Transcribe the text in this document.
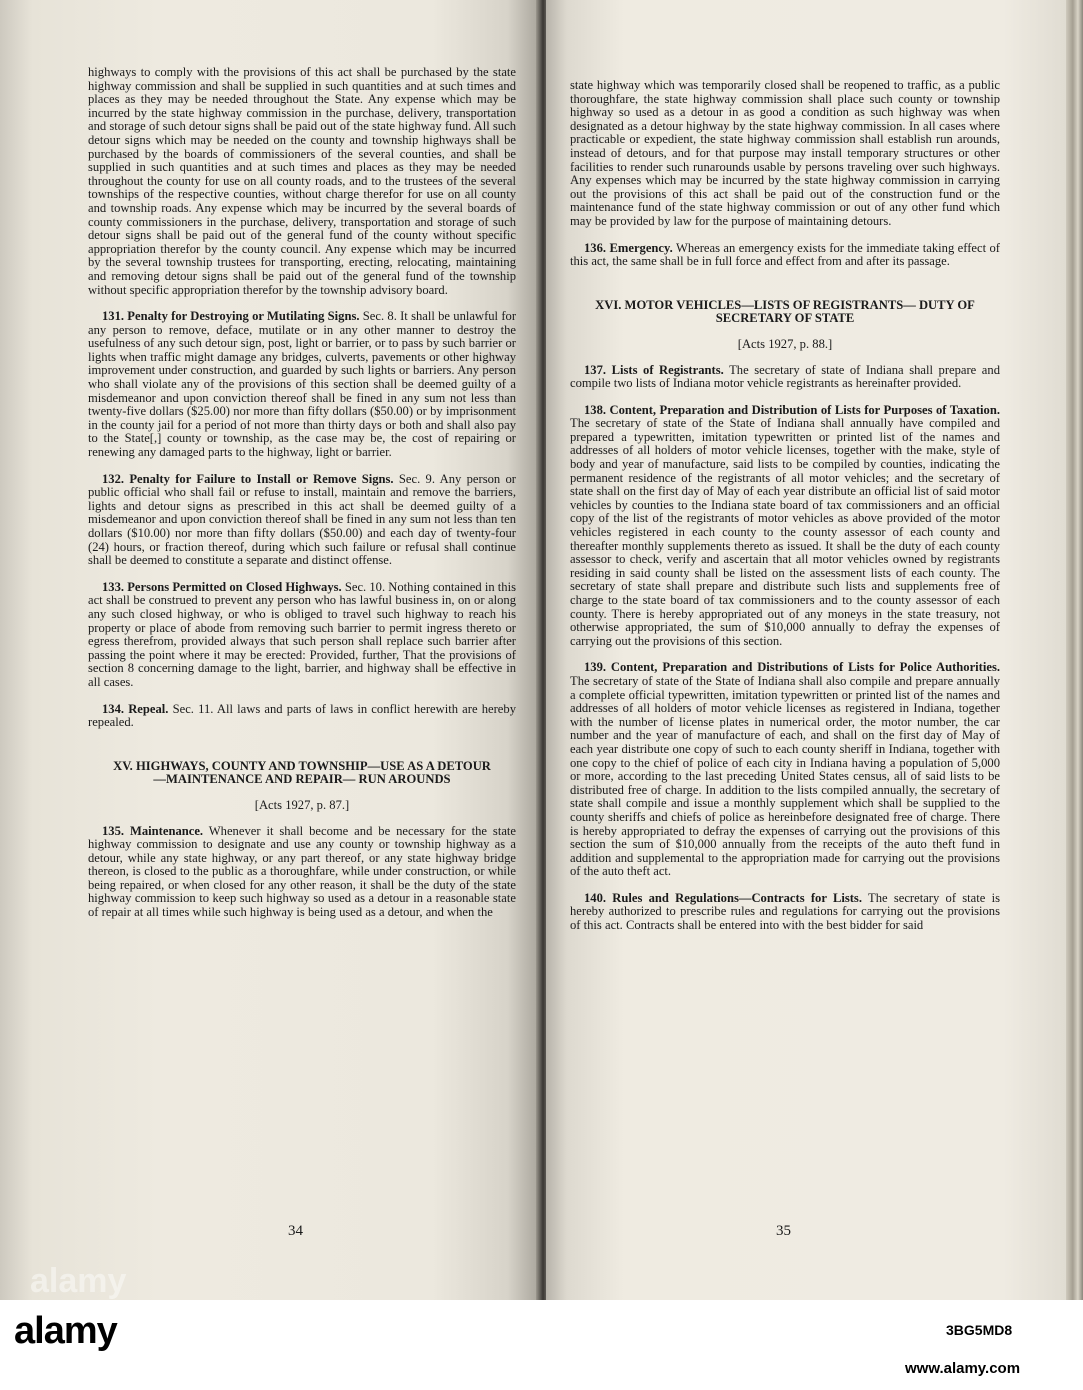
highways to comply with the provisions of this act shall be purchased by the state highway commission and shall be supplied in such quantities and at such times and places as they may be needed throughout the State. Any expense which may be incurred by the state highway commission in the purchase, delivery, transportation and storage of such detour signs shall be paid out of the state highway fund. All such detour signs which may be needed on the county and township highways shall be purchased by the boards of commissioners of the several counties, and shall be supplied in such quantities and at such times and places as they may be needed throughout the county for use on all county roads, and to the trustees of the several townships of the respective counties, without charge therefor for use on all county and township roads. Any expense which may be incurred by the several boards of county commissioners in the purchase, delivery, transportation and storage of such detour signs shall be paid out of the general fund of the county without specific appropriation therefor by the county council. Any expense which may be incurred by the several township trustees for transporting, erecting, relocating, maintaining and removing detour signs shall be paid out of the general fund of the township without specific appropriation therefor by the township advisory board.

131. Penalty for Destroying or Mutilating Signs. Sec. 8. It shall be unlawful for any person to remove, deface, mutilate or in any other manner to destroy the usefulness of any such detour sign, post, light or barrier, or to pass by such barrier or lights when traffic might damage any bridges, culverts, pavements or other highway improvement under construction, and guarded by such lights or barriers. Any person who shall violate any of the provisions of this section shall be deemed guilty of a misdemeanor and upon conviction thereof shall be fined in any sum not less than twenty-five dollars ($25.00) nor more than fifty dollars ($50.00) or by imprisonment in the county jail for a period of not more than thirty days or both and shall also pay to the State[,] county or township, as the case may be, the cost of repairing or renewing any damaged parts to the highway, light or barrier.

132. Penalty for Failure to Install or Remove Signs. Sec. 9. Any person or public official who shall fail or refuse to install, maintain and remove the barriers, lights and detour signs as prescribed in this act shall be deemed guilty of a misdemeanor and upon conviction thereof shall be fined in any sum not less than ten dollars ($10.00) nor more than fifty dollars ($50.00) and each day of twenty-four (24) hours, or fraction thereof, during which such failure or refusal shall continue shall be deemed to constitute a separate and distinct offense.

133. Persons Permitted on Closed Highways. Sec. 10. Nothing contained in this act shall be construed to prevent any person who has lawful business in, on or along any such closed highway, or who is obliged to travel such highway to reach his property or place of abode from removing such barrier to permit ingress thereto or egress therefrom, provided always that such person shall replace such barrier after passing the point where it may be erected: Provided, further, That the provisions of section 8 concerning damage to the light, barrier, and highway shall be effective in all cases.

134. Repeal. Sec. 11. All laws and parts of laws in conflict herewith are hereby repealed.

XV. HIGHWAYS, COUNTY AND TOWNSHIP—USE AS A DETOUR—MAINTENANCE AND REPAIR— RUN AROUNDS
[Acts 1927, p. 87.]

135. Maintenance. Whenever it shall become and be necessary for the state highway commission to designate and use any county or township highway as a detour, while any state highway, or any part thereof, or any state highway bridge thereon, is closed to the public as a thoroughfare, while under construction, or while being repaired, or when closed for any other reason, it shall be the duty of the state highway commission to keep such highway so used as a detour in a reasonable state of repair at all times while such highway is being used as a detour, and when the

34

state highway which was temporarily closed shall be reopened to traffic, as a public thoroughfare, the state highway commission shall place such county or township highway so used as a detour in as good a condition as such highway was when designated as a detour highway by the state highway commission. In all cases where practicable or expedient, the state highway commission shall establish run arounds, instead of detours, and for that purpose may install temporary structures or other facilities to render such runarounds usable by persons traveling over such highways. Any expenses which may be incurred by the state highway commission in carrying out the provisions of this act shall be paid out of the construction fund or the maintenance fund of the state highway commission or out of any other fund which may be provided by law for the purpose of maintaining detours.

136. Emergency. Whereas an emergency exists for the immediate taking effect of this act, the same shall be in full force and effect from and after its passage.

XVI. MOTOR VEHICLES—LISTS OF REGISTRANTS— DUTY OF SECRETARY OF STATE
[Acts 1927, p. 88.]

137. Lists of Registrants. The secretary of state of Indiana shall prepare and compile two lists of Indiana motor vehicle registrants as hereinafter provided.

138. Content, Preparation and Distribution of Lists for Purposes of Taxation. The secretary of state of the State of Indiana shall annually have compiled and prepared a typewritten, imitation typewritten or printed list of the names and addresses of all holders of motor vehicle licenses, together with the make, style of body and year of manufacture, said lists to be compiled by counties, indicating the permanent residence of the registrants of all motor vehicles; and the secretary of state shall on the first day of May of each year distribute an official list of said motor vehicles by counties to the Indiana state board of tax commissioners and an official copy of the list of the registrants of motor vehicles as above provided of the motor vehicles registered in each county to the county assessor of each county and thereafter monthly supplements thereto as issued. It shall be the duty of each county assessor to check, verify and ascertain that all motor vehicles owned by registrants residing in said county shall be listed on the assessment lists of each county. The secretary of state shall prepare and distribute such lists and supplements free of charge to the state board of tax commissioners and to the county assessor of each county. There is hereby appropriated out of any moneys in the state treasury, not otherwise appropriated, the sum of $10,000 annually to defray the expenses of carrying out the provisions of this section.

139. Content, Preparation and Distributions of Lists for Police Authorities. The secretary of state of the State of Indiana shall also compile and prepare annually a complete official typewritten, imitation typewritten or printed list of the names and addresses of all holders of motor vehicle licenses as registered in Indiana, together with the number of license plates in numerical order, the motor number, the car number and the year of manufacture of each, and shall on the first day of May of each year distribute one copy of such to each county sheriff in Indiana, together with one copy to the chief of police of each city in Indiana having a population of 5,000 or more, according to the last preceding United States census, all of said lists to be distributed free of charge. In addition to the lists compiled annually, the secretary of state shall compile and issue a monthly supplement which shall be supplied to the county sheriffs and chiefs of police as hereinbefore designated free of charge. There is hereby appropriated to defray the expenses of carrying out the provisions of this section the sum of $10,000 annually from the receipts of the auto theft fund in addition and supplemental to the appropriation made for carrying out the provisions of the auto theft act.

140. Rules and Regulations—Contracts for Lists. The secretary of state is hereby authorized to prescribe rules and regulations for carrying out the provisions of this act. Contracts shall be entered into with the best bidder for said

35
alamy
alamy	3BG5MD8
www.alamy.com
